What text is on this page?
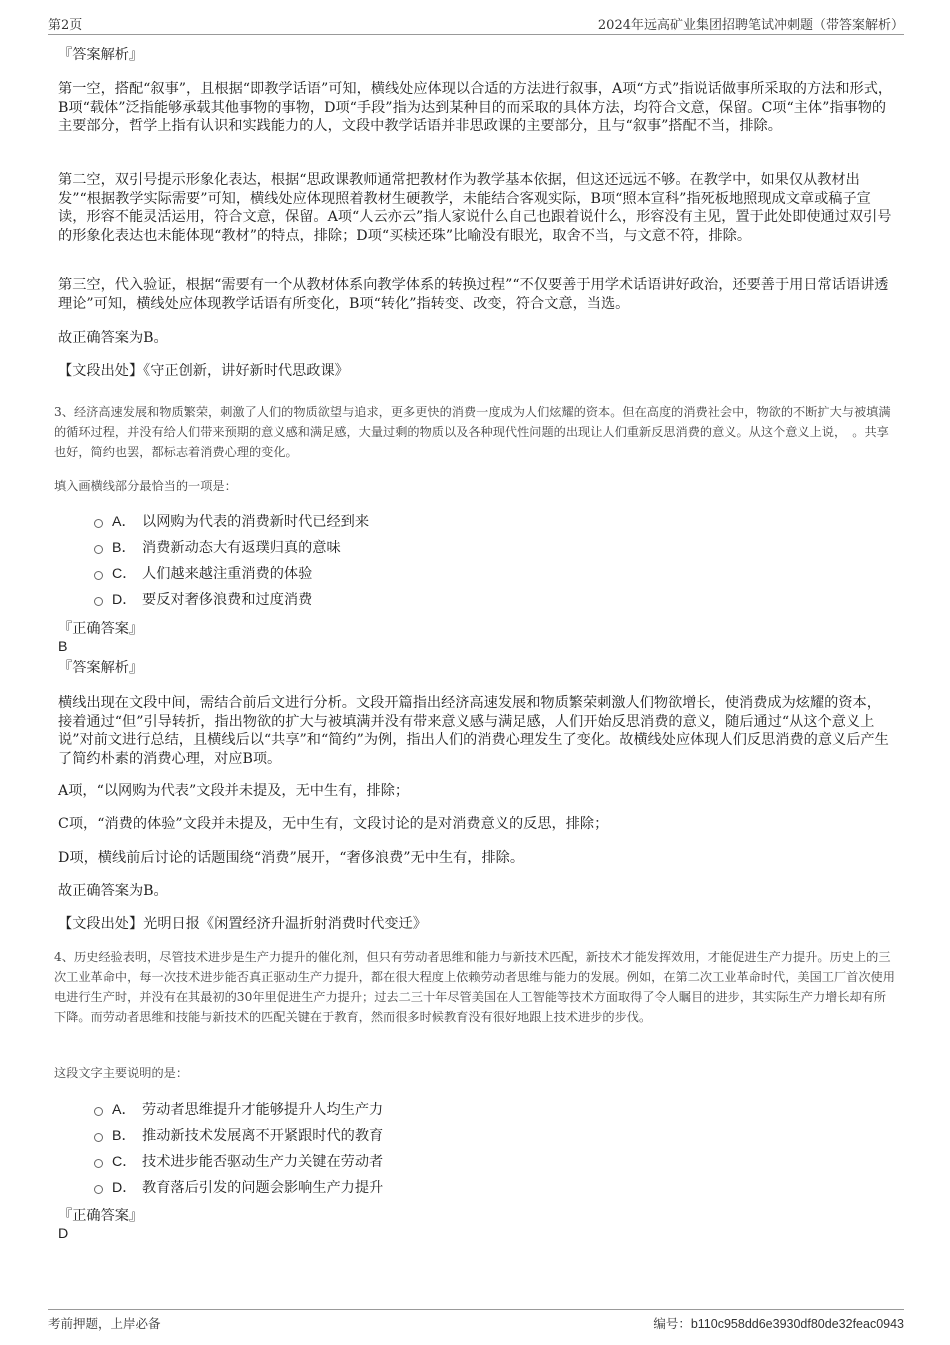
第2页	2024年远高矿业集团招聘笔试冲刺题（带答案解析）
『答案解析』

第一空，搭配“叙事”，且根据“即教学话语”可知，横线处应体现以合适的方法进行叙事，A项“方式”指说话做事所采取的方法和形式，B项“载体”泛指能够承载其他事物的事物，D项“手段”指为达到某种目的而采取的具体方法，均符合文意，保留。C项“主体”指事物的主要部分，哲学上指有认识和实践能力的人，文段中教学话语并非思政课的主要部分，且与“叙事”搭配不当，排除。

第二空，双引号提示形象化表达，根据“思政课教师通常把教材作为教学基本依据，但这还远远不够。在教学中，如果仅从教材出发”“根据教学实际需要”可知，横线处应体现照着教材生硬教学，未能结合客观实际，B项“照本宣科”指死板地照现成文章或稿子宣读，形容不能灵活运用，符合文意，保留。A项“人云亦云”指人家说什么自己也跟着说什么，形容没有主见，置于此处即使通过双引号的形象化表达也未能体现“教材”的特点，排除；D项“买椟还珠”比喻没有眼光，取舍不当，与文意不符，排除。

第三空，代入验证，根据“需要有一个从教材体系向教学体系的转换过程”“不仅要善于用学术话语讲好政治，还要善于用日常话语讲透理论”可知，横线处应体现教学话语有所变化，B项“转化”指转变、改变，符合文意，当选。

故正确答案为B。

【文段出处】《守正创新，讲好新时代思政课》

3、经济高速发展和物质繁荣，刺激了人们的物质欲望与追求，更多更快的消费一度成为人们炫耀的资本。但在高度的消费社会中，物欲的不断扩大与被填满的循环过程，并没有给人们带来预期的意义感和满足感，大量过剩的物质以及各种现代性问题的出现让人们重新反思消费的意义。从这个意义上说，　。共享也好，简约也罢，都标志着消费心理的变化。

填入画横线部分最恰当的一项是：

A． 以网购为代表的消费新时代已经到来
B． 消费新动态大有返璞归真的意味
C． 人们越来越注重消费的体验
D． 要反对奢侈浪费和过度消费
『正确答案』
B
『答案解析』

横线出现在文段中间，需结合前后文进行分析。文段开篇指出经济高速发展和物质繁荣刺激人们物欲增长，使消费成为炫耀的资本，接着通过“但”引导转折，指出物欲的扩大与被填满并没有带来意义感与满足感，人们开始反思消费的意义，随后通过“从这个意义上说”对前文进行总结，且横线后以“共享”和“简约”为例，指出人们的消费心理发生了变化。故横线处应体现人们反思消费的意义后产生了简约朴素的消费心理，对应B项。

A项，“以网购为代表”文段并未提及，无中生有，排除；

C项，“消费的体验”文段并未提及，无中生有，文段讨论的是对消费意义的反思，排除；

D项，横线前后讨论的话题围绕“消费”展开，“奢侈浪费”无中生有，排除。

故正确答案为B。

【文段出处】光明日报《闲置经济升温折射消费时代变迁》

4、历史经验表明，尽管技术进步是生产力提升的催化剂，但只有劳动者思维和能力与新技术匹配，新技术才能发挥效用，才能促进生产力提升。历史上的三次工业革命中，每一次技术进步能否真正驱动生产力提升，都在很大程度上依赖劳动者思维与能力的发展。例如，在第二次工业革命时代，美国工厂首次使用电进行生产时，并没有在其最初的30年里促进生产力提升；过去二三十年尽管美国在人工智能等技术方面取得了令人瞩目的进步，其实际生产力增长却有所下降。而劳动者思维和技能与新技术的匹配关键在于教育，然而很多时候教育没有很好地跟上技术进步的步伐。

这段文字主要说明的是：

A． 劳动者思维提升才能够提升人均生产力
B． 推动新技术发展离不开紧跟时代的教育
C． 技术进步能否驱动生产力关键在劳动者
D． 教育落后引发的问题会影响生产力提升
『正确答案』
D
考前押题，上岸必备	编号：b110c958dd6e3930df80de32feac0943
